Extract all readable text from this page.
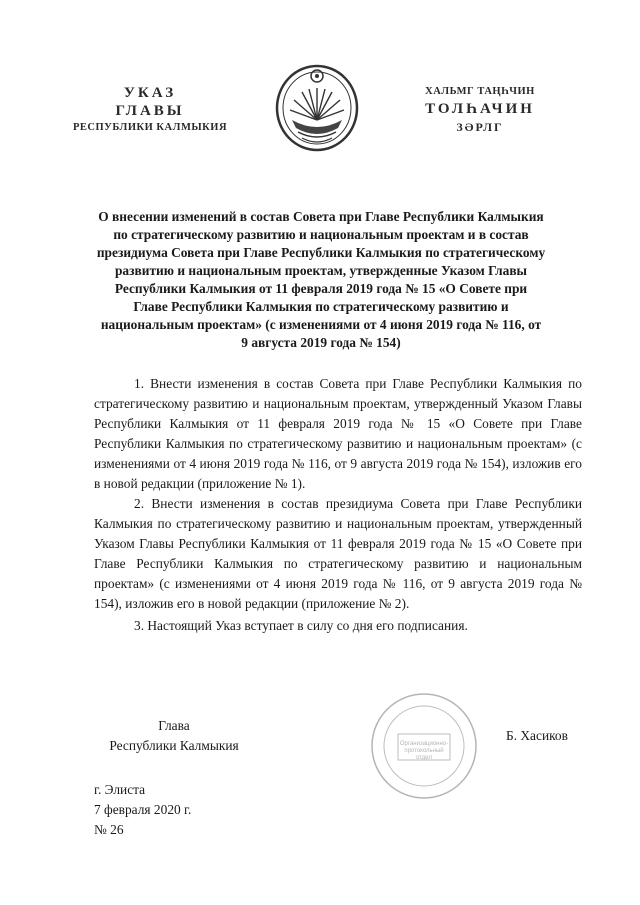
УКАЗ
ГЛАВЫ
РЕСПУБЛИКИ КАЛМЫКИЯ
ХАЛЬМГ ТАҢҺЧИН
ТОЛҺАЧИН
ЗӘРЛГ
О внесении изменений в состав Совета при Главе Республики Калмыкия по стратегическому развитию и национальным проектам и в состав президиума Совета при Главе Республики Калмыкия по стратегическому развитию и национальным проектам, утвержденные Указом Главы Республики Калмыкия от 11 февраля 2019 года № 15 «О Совете при Главе Республики Калмыкия по стратегическому развитию и национальным проектам» (с изменениями от 4 июня 2019 года № 116, от 9 августа 2019 года № 154)

1. Внести изменения в состав Совета при Главе Республики Калмыкия по стратегическому развитию и национальным проектам, утвержденный Указом Главы Республики Калмыкия от 11 февраля 2019 года № 15 «О Совете при Главе Республики Калмыкия по стратегическому развитию и национальным проектам» (с изменениями от 4 июня 2019 года № 116, от 9 августа 2019 года № 154), изложив его в новой редакции (приложение № 1).

2. Внести изменения в состав президиума Совета при Главе Республики Калмыкия по стратегическому развитию и национальным проектам, утвержденный Указом Главы Республики Калмыкия от 11 февраля 2019 года № 15 «О Совете при Главе Республики Калмыкия по стратегическому развитию и национальным проектам» (с изменениями от 4 июня 2019 года № 116, от 9 августа 2019 года № 154), изложив его в новой редакции (приложение № 2).

3. Настоящий Указ вступает в силу со дня его подписания.

Глава
Республики Калмыкия	Организационно-
протокольный
отдел
Б. Хасиков
г. Элиста
7 февраля 2020 г.
№ 26
